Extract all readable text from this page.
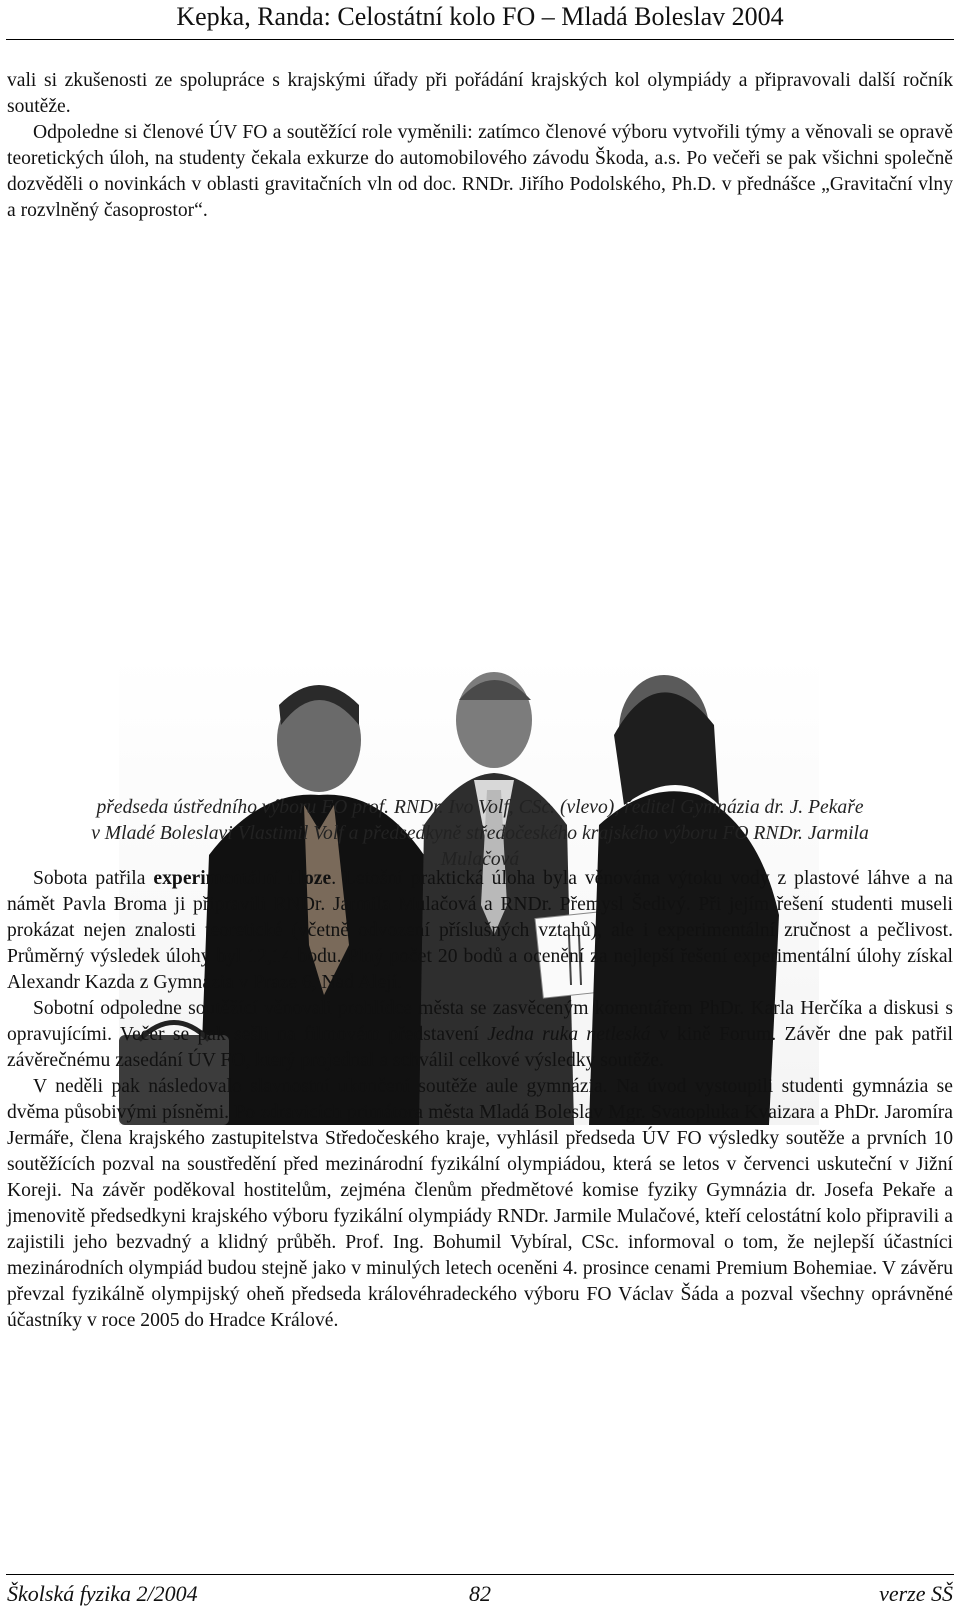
Kepka, Randa: Celostátní kolo FO – Mladá Boleslav 2004

vali si zkušenosti ze spolupráce s krajskými úřady při pořádání krajských kol olympiády a připravovali další ročník soutěže.

Odpoledne si členové ÚV FO a soutěžící role vyměnili: zatímco členové výboru vytvořili týmy a věnovali se opravě teoretických úloh, na studenty čekala exkurze do automobilového závodu Škoda, a.s. Po večeři se pak všichni společně dozvěděli o novinkách v oblasti gravitačních vln od doc. RNDr. Jiřího Podolského, Ph.D. v přednášce „Gravitační vlny a rozvlněný časoprostor“.

předseda ústředního výboru FO prof. RNDr. Ivo Volf, CSc. (vlevo), ředitel Gymnázia dr. J. Pekaře v Mladé Boleslavi Vlastimil Volf a předsedkyně středočeského krajského výboru FO RNDr. Jarmila Mulačová

Sobota patřila experimentální úloze. Letošní praktická úloha byla věnována výtoku vody z plastové láhve a na námět Pavla Broma ji připravili RNDr. Jarmila Mulačová a RNDr. Přemysl Šedivý. Při jejím řešení studenti museli prokázat nejen znalosti teoretické (včetně odvození příslušných vztahů), ale i experimentální zručnost a pečlivost. Průměrný výsledek úlohy byl 12,14 bodu. Plný počet 20 bodů a ocenění za nejlepší řešení experimentální úlohy získal Alexandr Kazda z Gymnázia v Praze 6, Nad Alejí.

Sobotní odpoledne soutěžící věnovali prohlídce města se zasvěceným komentářem PhDr. Karla Herčíka a diskusi s opravujícími. Večer se pak sešli na filmovém představení Jedna ruka netleská v kině Forum. Závěr dne pak patřil závěrečnému zasedání ÚV FO, který projednal a schválil celkové výsledky soutěže.

V neděli pak následovalo slavnostní ukončení soutěže aule gymnázia. Na úvod vystoupili studenti gymnázia se dvěma působivými písněmi. Po zdravicích primátora města Mladá Boleslav Mgr. Svatopluka Kvaizara a PhDr. Jaromíra Jermáře, člena krajského zastupitelstva Středočeského kraje, vyhlásil předseda ÚV FO výsledky soutěže a prvních 10 soutěžících pozval na soustředění před mezinárodní fyzikální olympiádou, která se letos v červenci uskuteční v Jižní Koreji. Na závěr poděkoval hostitelům, zejména členům předmětové komise fyziky Gymnázia dr. Josefa Pekaře a jmenovitě předsedkyni krajského výboru fyzikální olympiády RNDr. Jarmile Mulačové, kteří celostátní kolo připravili a zajistili jeho bezvadný a klidný průběh. Prof. Ing. Bohumil Vybíral, CSc. informoval o tom, že nejlepší účastníci mezinárodních olympiád budou stejně jako v minulých letech oceněni 4. prosince cenami Premium Bohemiae. V závěru převzal fyzikálně olympijský oheň předseda královéhradeckého výboru FO Václav Šáda a pozval všechny oprávněné účastníky v roce 2005 do Hradce Králové.

Školská fyzika 2/2004	82	verze SŠ
